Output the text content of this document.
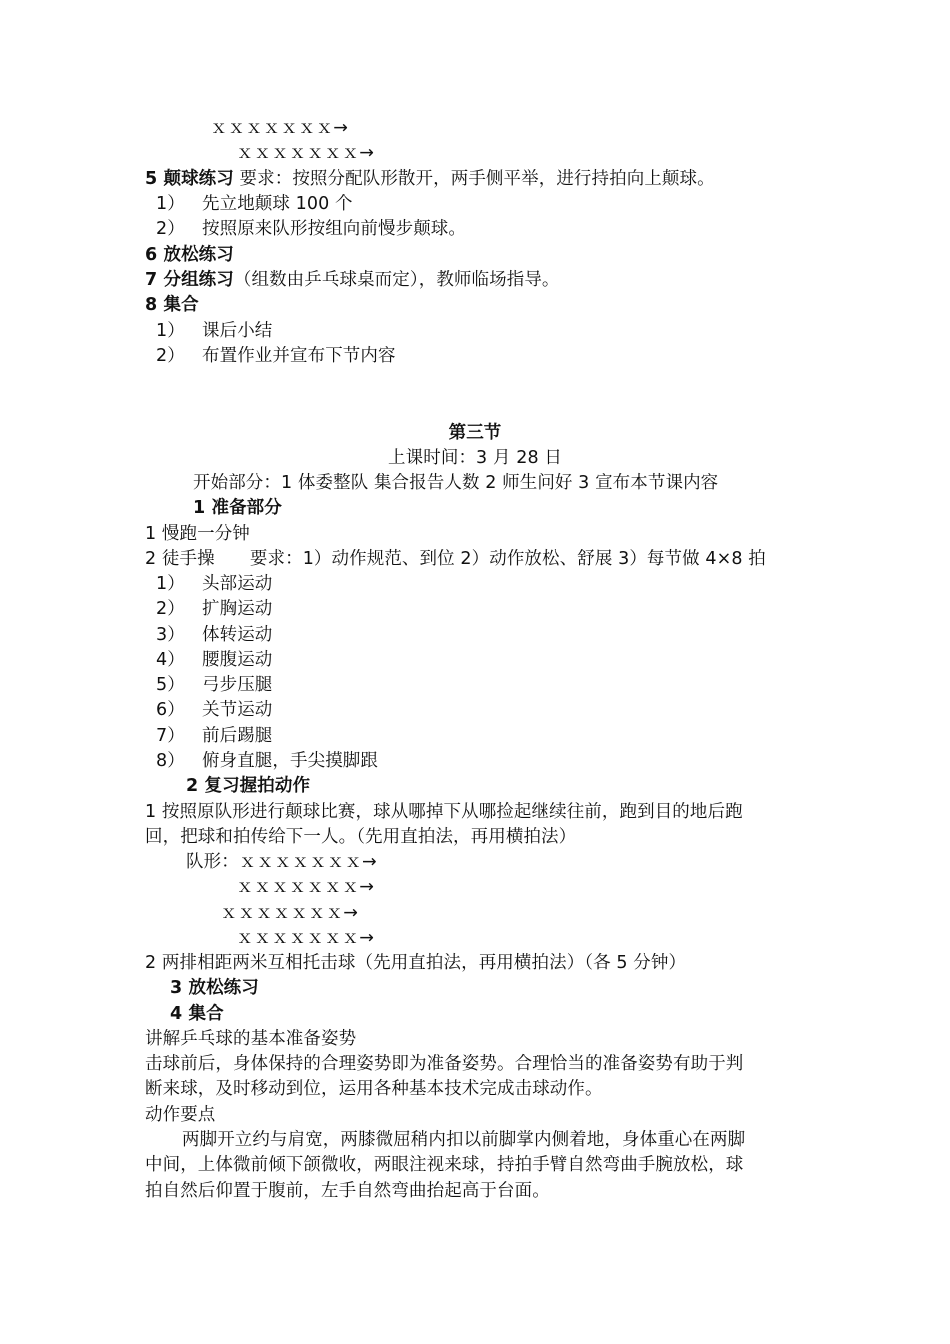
ｘｘｘｘｘｘｘ→
ｘｘｘｘｘｘｘ→
5 颠球练习 要求：按照分配队形散开，两手侧平举，进行持拍向上颠球。
1） 先立地颠球 100 个
2） 按照原来队形按组向前慢步颠球。
6 放松练习
7 分组练习（组数由乒乓球桌而定），教师临场指导。
8 集合
1） 课后小结
2） 布置作业并宣布下节内容
第三节
上课时间：3 月 28 日
开始部分：1 体委整队 集合报告人数 2 师生问好 3 宣布本节课内容
1 准备部分
1 慢跑一分钟
2 徒手操　　要求：1）动作规范、到位 2）动作放松、舒展 3）每节做 4×8 拍
1） 头部运动
2） 扩胸运动
3） 体转运动
4） 腰腹运动
5） 弓步压腿
6） 关节运动
7） 前后踢腿
8） 俯身直腿，手尖摸脚跟
2 复习握拍动作
1 按照原队形进行颠球比赛，球从哪掉下从哪捡起继续往前，跑到目的地后跑
回，把球和拍传给下一人。（先用直拍法，再用横拍法）
队形：ｘｘｘｘｘｘｘ→
ｘｘｘｘｘｘｘ→
ｘｘｘｘｘｘｘ→
ｘｘｘｘｘｘｘ→
2 两排相距两米互相托击球（先用直拍法，再用横拍法）（各 5 分钟）
3 放松练习
4 集合
讲解乒乓球的基本准备姿势
击球前后，身体保持的合理姿势即为准备姿势。合理恰当的准备姿势有助于判
断来球，及时移动到位，运用各种基本技术完成击球动作。
动作要点
两脚开立约与肩宽，两膝微屈稍内扣以前脚掌内侧着地，身体重心在两脚
中间，上体微前倾下颌微收，两眼注视来球，持拍手臂自然弯曲手腕放松，球
拍自然后仰置于腹前，左手自然弯曲抬起高于台面。
